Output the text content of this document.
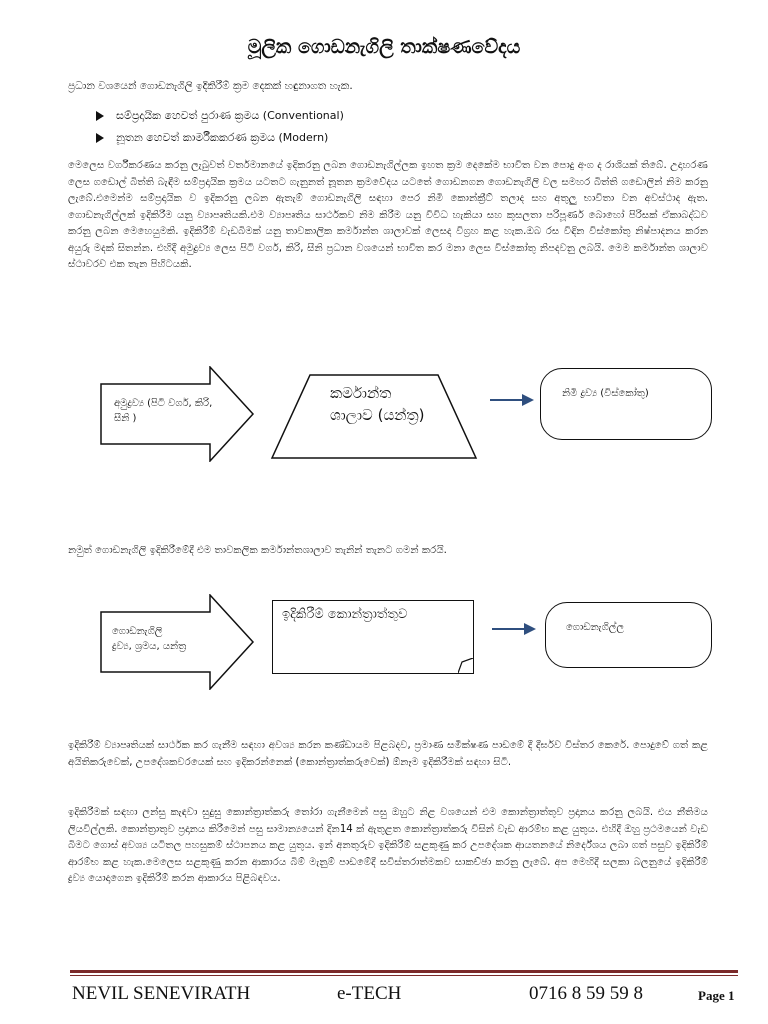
මූලික ගොඩනැගිලි තාක්ෂණවේදය
ප්‍රධාන වශයෙන් ගොඩනැගිලි ඉදිකිරීම් ක්‍රම දෙකක් හඳුනාගත හැක.
සම්ප්‍රදායික හෙවත් පුරාණ ක්‍රමය (Conventional)
නූතන හෙවත් කාර්මීකකරණ ක්‍රමය (Modern)

මෙලෙස වර්ගීකරණය කරනු ලැබුවත් වර්තමානයේ ඉදිකරනු ලබන ගොඩනැගිල්ලක ඉහත ක්‍රම දෙකේම භාවිත වන පොදු අංග ද රාශියක් තිබේ. උදාහරණ ලෙස ගඩොල් බිත්ති බැඳීම සම්ප්‍රදායික ක්‍රමය යටතට ගැනුනත් නූතන ක්‍රමවේදය යටතේ ගොඩනගන ගොඩනැගිලි වල සමහර බිත්ති ගඩොලින් නිම කරනු ලැබේ.එමෙන්ම සම්ප්‍රදායික ව ඉදිකරනු ලබන ඇතැම් ගොඩනැගිලි සඳහා පෙර නිමි කොන්ක්‍රීට් තලාද සහ අතුලු භාවිතා වන අවස්ථාද ඇත. ගොඩනැගිල්ලක් ඉදිකිරීම යනු ව්‍යාපෘතියකි.එම ව්‍යාපෘතිය සාර්ථකව නිම කිරීම යනු විවිධ හැකියා සහ කුසලතා පරිපූර්ණ බොහෝ පිරිසක් ඒකාබද්ධව කරනු ලබන මෙහෙයුමකි. ඉදිකිරීම් වැඩබිමක් යනු තාවකාලික කර්මාන්ත ශාලාවක් ලෙසද විග්‍රහ කළ හැක.ඔබ රස විඳින විස්කෝතු නිෂ්පාදනය කරන අයුරු මදක් සිතන්න. එහිදී අමුද්‍රව්‍ය ලෙස පිටි වර්ග, කිරි, සීනි ප්‍රධාන වශයෙන් භාවිත කර මනා ලෙස විස්කෝතු නිපදවනු ලබයි. මෙම කර්මාන්ත ශාලාව ස්ථාවරව එක තැන පිහිටයකි.

අමුද්‍රව්‍ය (පිටි වර්ග, කිරි, සීනි )
කර්මාන්ත
ශාලාව (යන්ත්‍ර)
නිමි ද්‍රව්‍ය (විස්කෝතු)

නමුත් ගොඩනැගිලි ඉදිකිරීමේදී එම තාවකලික කර්මාන්තශාලාව තැනින් තැනට ගමන් කරයි.

ගොඩනැගිලි
ද්‍රව්‍ය, ශ්‍රමය, යන්ත්‍ර
ඉදිකිරීම් කොන්ත්‍රාත්තුව
ගොඩනැගිල්ල

ඉදිකිරීම් ව්‍යාපෘතියක් සාර්ථක කර ගැනීම සඳහා අවශ්‍ය කරන කණ්ඩායම පිළබදව, ප්‍රමාණ සමීක්ෂණ පාඩමේ දී දීර්ඝව විස්තර කෙරේ. පොදුවේ ගත් කළ අයිතිකරුවෙක්, උපදේශකවරයෙක් සහ ඉදිකරන්නෙක් (කොන්ත්‍රාත්කරුවෙක්) ඕනෑම ඉදිකිරීමක් සඳහා සිටී.

ඉදිකිරීමක් සඳහා ලන්සු කැඳවා සුදුසු කොන්ත්‍රාත්කරු තෝරා ගැනීමෙන් පසු ඔහුට නිළ වශයෙන් එම කොන්ත්‍රාත්තුව ප්‍රදානය කරනු ලබයි. එය නීතිමය ලියවිල්ලකි. කොන්ත්‍රාතුව ප්‍රදානය කිරීමෙන් පසු සාමාන්‍යයෙන් දින14 ක් ඇතුළත කොන්ත්‍රාත්කරු විසින් වැඩ ආරම්භ කළ යුතුය. එහිදී ඔහු ප්‍රථමයෙන් වැඩ බිමට ගොස් අවශ්‍ය යටිතල පහසුකම් ස්ථාපනය කළ යුතුය. ඉන් අනතුරුව ඉදිකිරීම් සළකුණු කර උපදේශක ආයතනයේ නිර්දේශය ලබා ගත් පසුව ඉදිකිරීම් ආරම්භ කළ හැක.මෙලෙස සළකුණු කරන ආකාරය බිම් මැනුම් පාඩමේදී සවිස්තරාත්මකව සාකච්ඡා කරනු ලැබේ. අප මෙහිදී සලකා බලනුයේ ඉදිකිරීම් ද්‍රව්‍ය යොදාගෙන ඉදිකිරීම් කරන ආකාරය පිළිබඳවය.

NEVIL SENEVIRATH	e-TECH	0716 8 59 59 8	Page 1
